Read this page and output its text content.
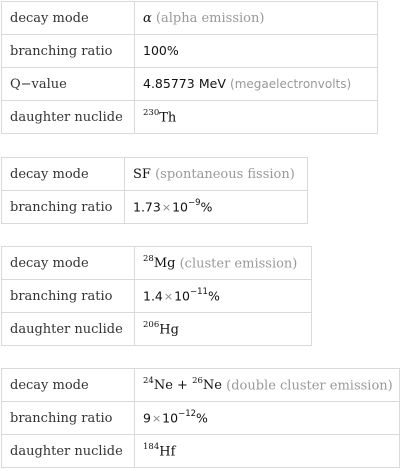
decay mode	α (alpha emission)
branching ratio	100%
Q−value	4.85773 MeV (megaelectronvolts)
daughter nuclide	$^{230}$Th
decay mode	SF (spontaneous fission)
branching ratio	$1.73\times 10^{-9}\%$
decay mode	$^{28}$Mg (cluster emission)
branching ratio	$1.4\times 10^{-11}\%$
daughter nuclide	$^{206}$Hg
decay mode	$^{24}$Ne + $^{26}$Ne (double cluster emission)
branching ratio	$9\times 10^{-12}\%$
daughter nuclide	$^{184}$Hf
